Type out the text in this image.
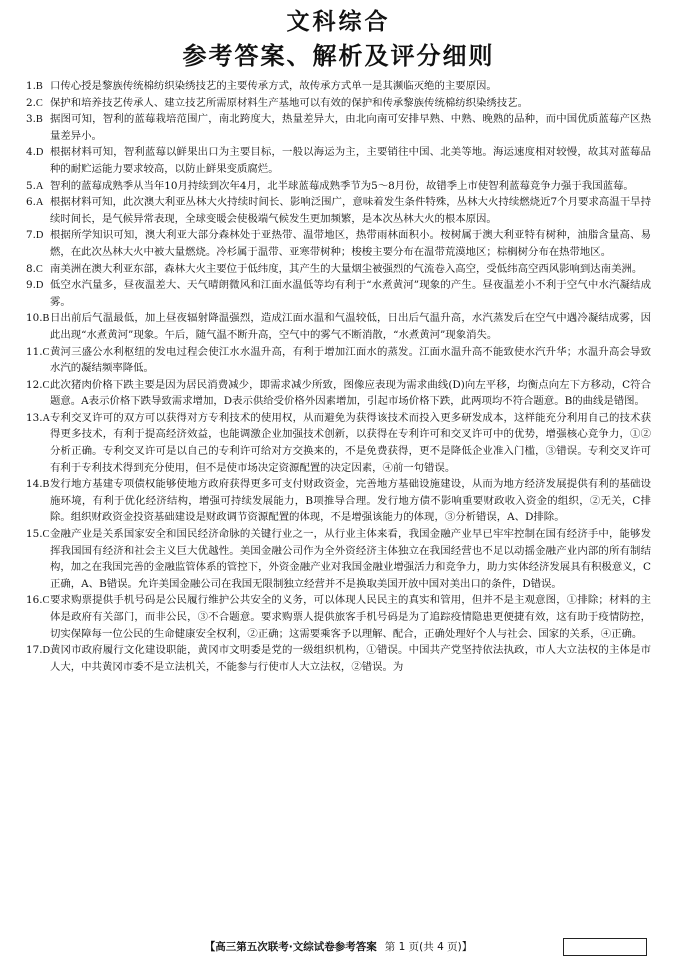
文科综合
参考答案、解析及评分细则

1.B 口传心授是黎族传统棉纺织染绣技艺的主要传承方式，故传承方式单一是其濒临灭绝的主要原因。

2.C 保护和培养技艺传承人、建立技艺所需原材料生产基地可以有效的保护和传承黎族传统棉纺织染绣技艺。

3.B 据图可知，智利的蓝莓栽培范围广，南北跨度大，热量差异大，由北向南可安排早熟、中熟、晚熟的品种，而中国优质蓝莓产区热量差异小。

4.D 根据材料可知，智利蓝莓以鲜果出口为主要目标，一般以海运为主，主要销往中国、北美等地。海运速度相对较慢，故其对蓝莓品种的耐贮运能力要求较高，以防止鲜果变质腐烂。

5.A 智利的蓝莓成熟季从当年10月持续到次年4月，北半球蓝莓成熟季节为5～8月份，故错季上市使智利蓝莓竞争力强于我国蓝莓。

6.A 根据材料可知，此次澳大利亚丛林大火持续时间长、影响泛围广，意味着发生条件特殊，丛林大火持续燃烧近7个月要求高温干旱持续时间长，是气候异常表现，全球变暖会使极端气候发生更加频繁，是本次丛林大火的根本原因。

7.D 根据所学知识可知，澳大利亚大部分森林处于亚热带、温带地区，热带雨林面积小。桉树属于澳大利亚特有树种，油脂含量高、易燃，在此次丛林大火中被大量燃烧。冷杉属于温带、亚寒带树种；梭梭主要分布在温带荒漠地区；棕榈树分布在热带地区。

8.C 南美洲在澳大利亚东部，森林大火主要位于低纬度，其产生的大量烟尘被强烈的气流卷入高空，受低纬高空西风影响到达南美洲。

9.D 低空水汽量多，昼夜温差大、天气晴朗微风和江面水温低等均有利于“水煮黄河”现象的产生。昼夜温差小不利于空气中水汽凝结成雾。

10.B 日出前后气温最低，加上昼夜辐射降温强烈，造成江面水温和气温较低，日出后气温升高，水汽蒸发后在空气中遇冷凝结成雾，因此出现“水煮黄河”现象。午后，随气温不断升高，空气中的雾气不断消散，“水煮黄河”现象消失。

11.C 黄河三盛公水利枢纽的发电过程会使江水水温升高，有利于增加江面水的蒸发。江面水温升高不能致使水汽升华；水温升高会导致水汽的凝结频率降低。

12.C 此次猪肉价格下跌主要是因为居民消费减少，即需求减少所致，图像应表现为需求曲线(D)向左平移，均衡点向左下方移动，C符合题意。A表示价格下跌导致需求增加，D表示供给受价格外因素增加，引起市场价格下跌，此两项均不符合题意。B的曲线是错图。

13.A 专利交叉许可的双方可以获得对方专利技术的使用权，从而避免为获得该技术而投入更多研发成本，这样能充分利用自己的技术获得更多技术，有利于提高经济效益，也能调激企业加强技术创新，以获得在专利许可和交叉许可中的优势，增强核心竞争力，①②分析正确。专利交叉许可是以自己的专利许可给对方交换来的，不是免费获得，更不是降低企业准入门槛，③错误。专利交叉许可有利于专利技术得到充分使用，但不是使市场决定资源配置的决定因素，④前一句错误。

14.B 发行地方基建专项债权能够使地方政府获得更多可支付财政资金，完善地方基础设施建设，从而为地方经济发展提供有利的基础设施环境，有利于优化经济结构，增强可持续发展能力，B项推导合理。发行地方债不影响重要财政收入资金的组织，②无关，C排除。组织财政资金投资基础建设是财政调节资源配置的体现，不是增强该能力的体现，③分析错误，A、D排除。

15.C 金融产业是关系国家安全和国民经济命脉的关键行业之一，从行业主体来看，我国金融产业早已牢牢控制在国有经济手中，能够发挥我国国有经济和社会主义巨大优越性。美国金融公司作为全外资经济主体独立在我国经营也不足以动摇金融产业内部的所有制结构，加之在我国完善的金融监管体系的管控下，外资金融产业对我国金融业增强活力和竞争力，助力实体经济发展具有积极意义，C正确，A、B错误。允许美国金融公司在我国无限制独立经营并不是换取美国开放中国对美出口的条件，D错误。

16.C 要求购票提供手机号码是公民履行维护公共安全的义务，可以体现人民民主的真实和管用，但并不是主观意图，①排除；材料的主体是政府有关部门，而非公民，③不合题意。要求购票人提供旅客手机号码是为了追踪疫情隐患更便捷有效，这有助于疫情防控，切实保障每一位公民的生命健康安全权利，②正确；这需要乘客予以理解、配合，正确处理好个人与社会、国家的关系，④正确。

17.D 黄冈市政府履行文化建设职能，黄冈市文明委是党的一级组织机构，①错误。中国共产党坚持依法执政，市人大立法权的主体是市人大，中共黄冈市委不是立法机关，不能参与行使市人大立法权，②错误。为

【高三第五次联考·文综试卷参考答案 第 1 页(共 4 页)】
